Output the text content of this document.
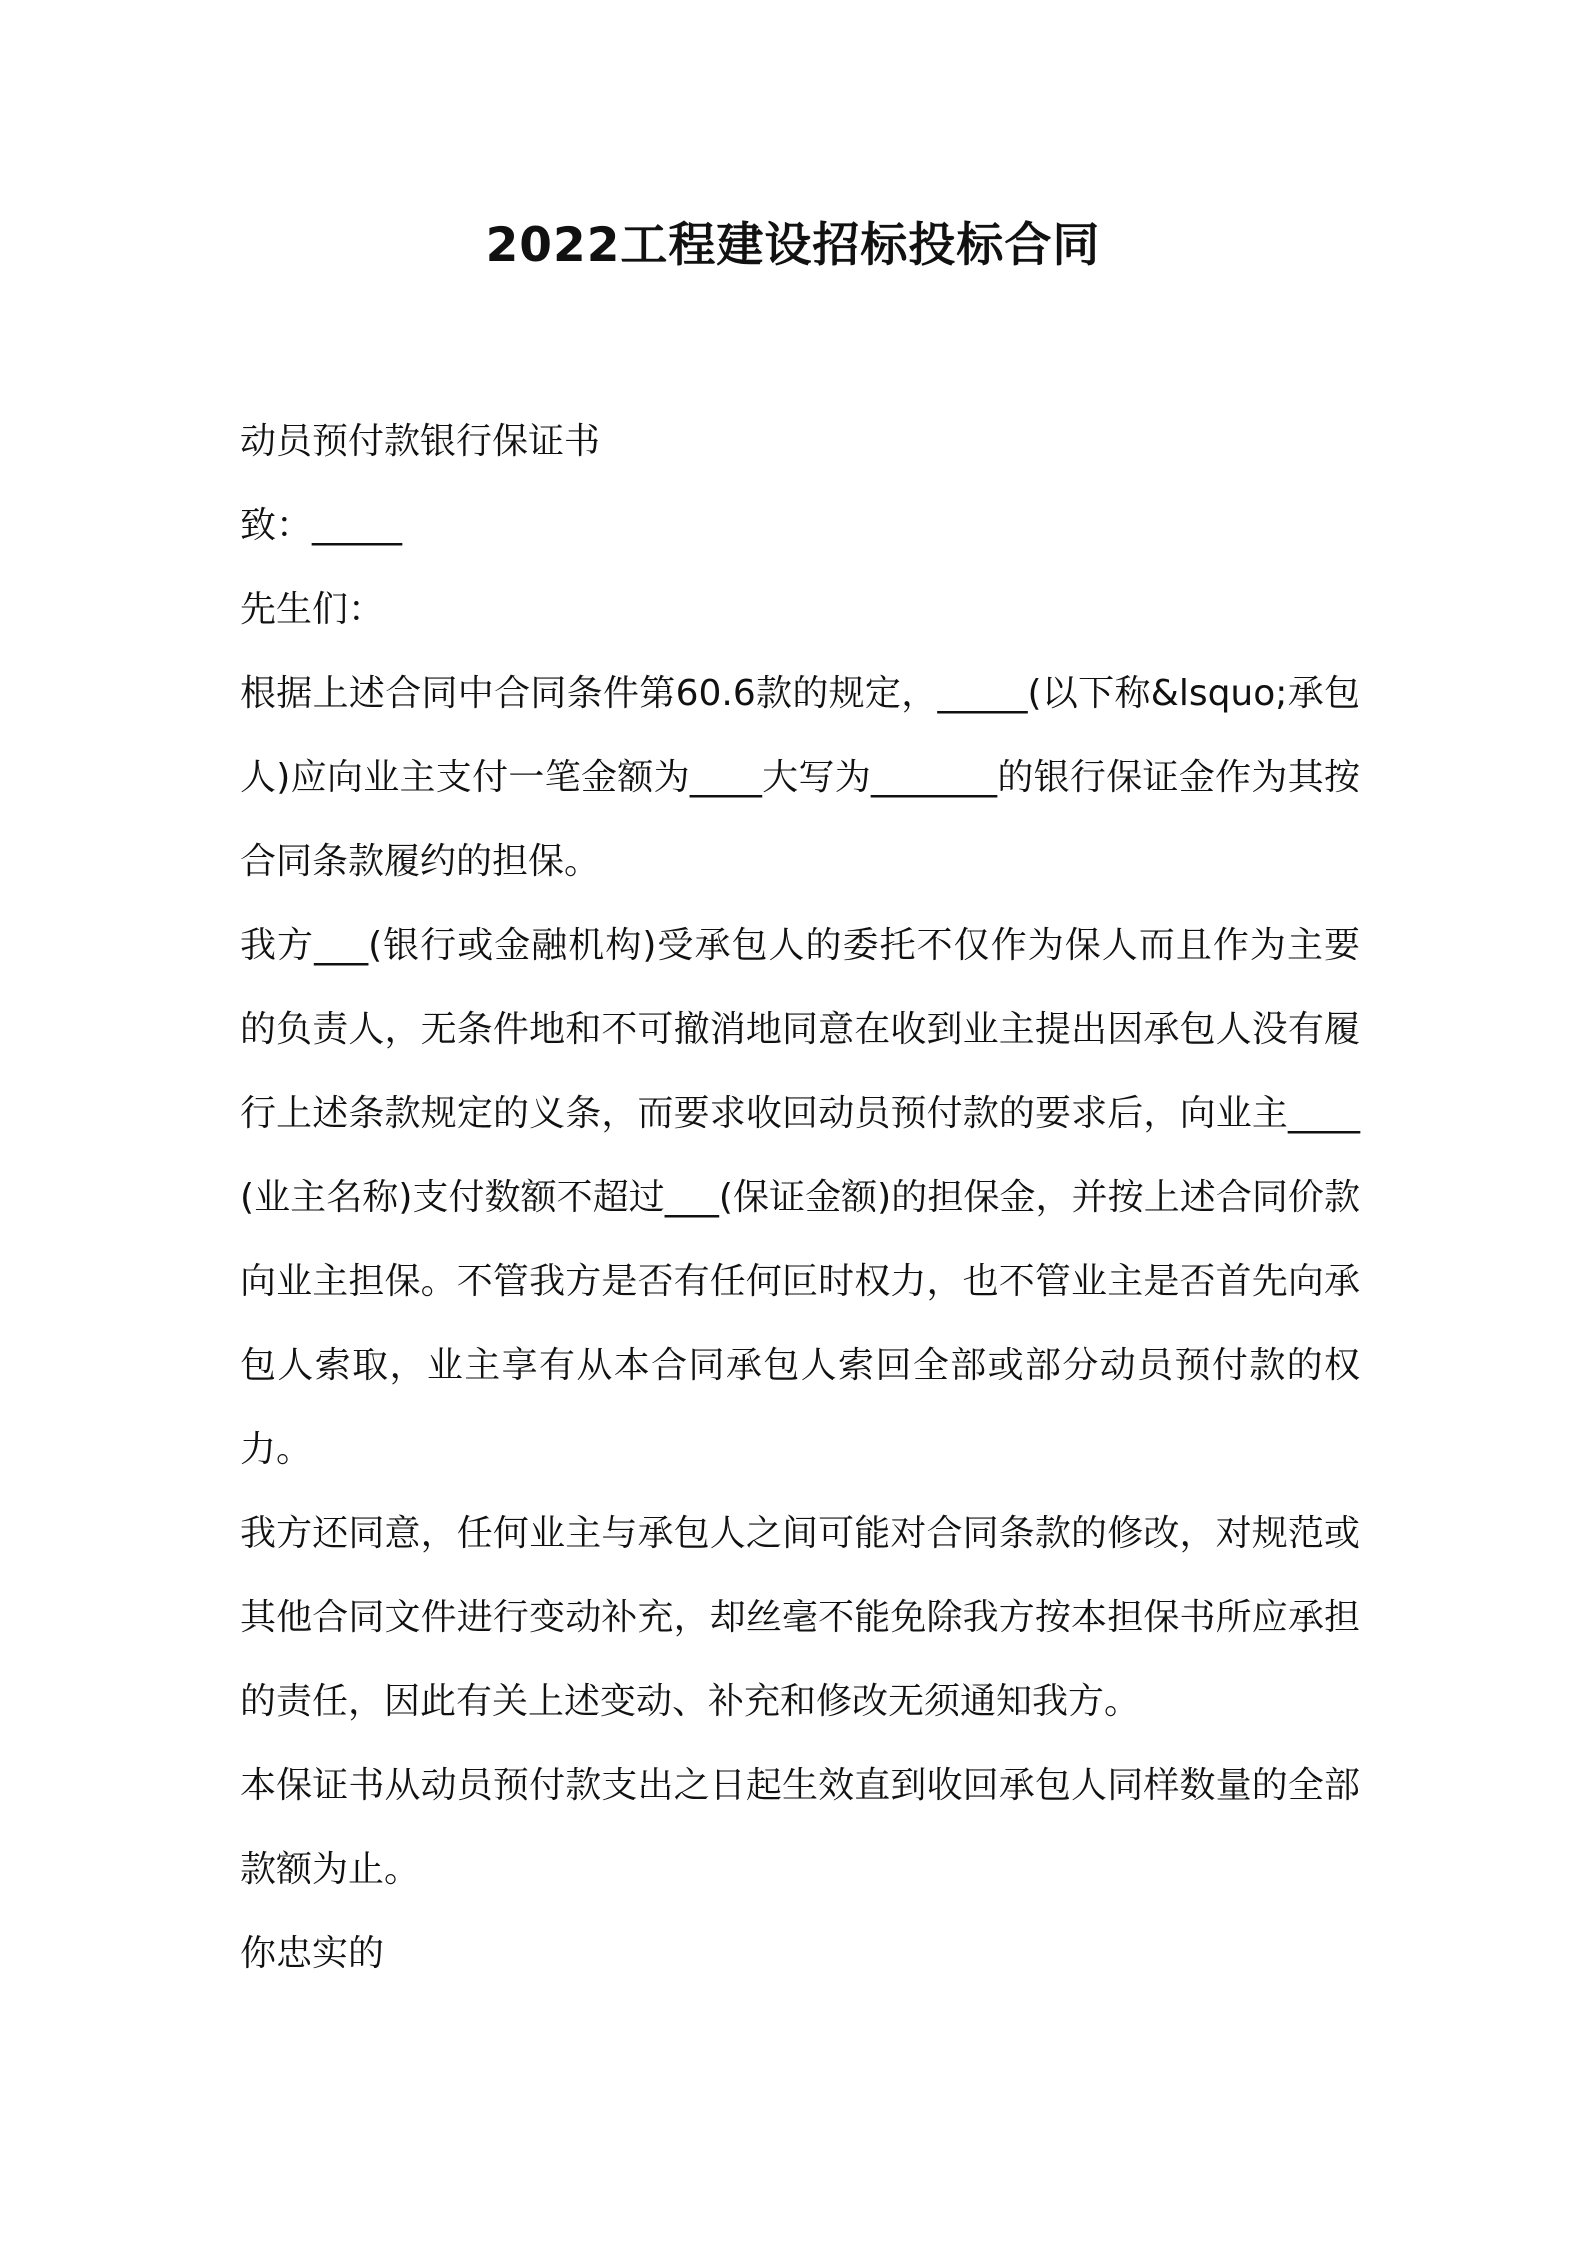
2022工程建设招标投标合同

动员预付款银行保证书

致：_____

先生们：

根据上述合同中合同条件第60.6款的规定，_____(以下称&lsquo;承包人)应向业主支付一笔金额为____大写为_______的银行保证金作为其按合同条款履约的担保。

我方___(银行或金融机构)受承包人的委托不仅作为保人而且作为主要的负责人，无条件地和不可撤消地同意在收到业主提出因承包人没有履行上述条款规定的义条，而要求收回动员预付款的要求后，向业主____(业主名称)支付数额不超过___(保证金额)的担保金，并按上述合同价款向业主担保。不管我方是否有任何叵时权力，也不管业主是否首先向承包人索取，业主享有从本合同承包人索回全部或部分动员预付款的权力。

我方还同意，任何业主与承包人之间可能对合同条款的修改，对规范或其他合同文件进行变动补充，却丝毫不能免除我方按本担保书所应承担的责任，因此有关上述变动、补充和修改无须通知我方。

本保证书从动员预付款支出之日起生效直到收回承包人同样数量的全部款额为止。

你忠实的
